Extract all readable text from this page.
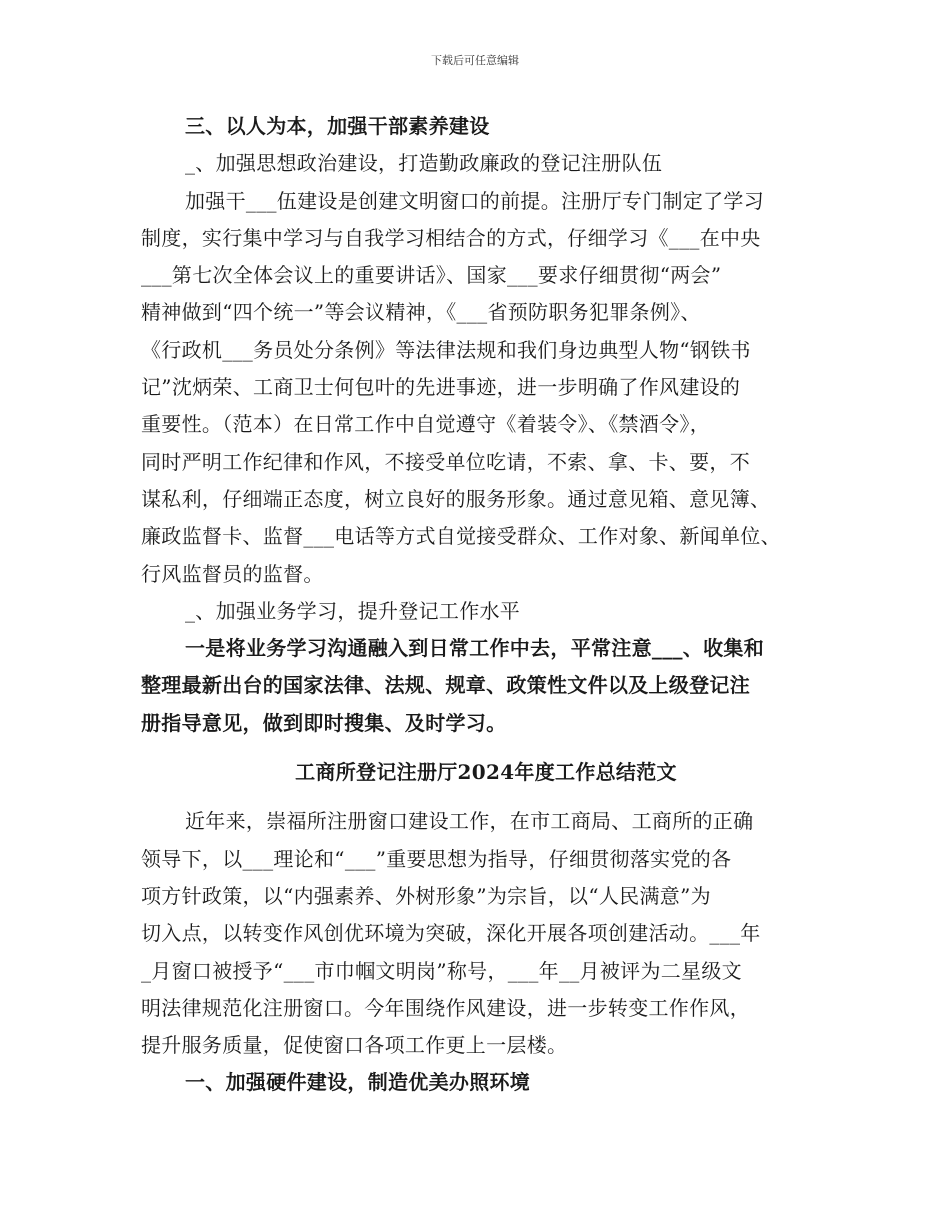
下载后可任意编辑

三、以人为本，加强干部素养建设

_、加强思想政治建设，打造勤政廉政的登记注册队伍

加强干___伍建设是创建文明窗口的前提。注册厅专门制定了学习

制度，实行集中学习与自我学习相结合的方式，仔细学习《___在中央

___第七次全体会议上的重要讲话》、国家___要求仔细贯彻“两会”

精神做到“四个统一”等会议精神，《___省预防职务犯罪条例》、

《行政机___务员处分条例》等法律法规和我们身边典型人物“钢铁书

记”沈炳荣、工商卫士何包叶的先进事迹，进一步明确了作风建设的

重要性。（范本）在日常工作中自觉遵守《着装令》、《禁酒令》，

同时严明工作纪律和作风，不接受单位吃请，不索、拿、卡、要，不

谋私利，仔细端正态度，树立良好的服务形象。通过意见箱、意见簿、

廉政监督卡、监督___电话等方式自觉接受群众、工作对象、新闻单位、

行风监督员的监督。

_、加强业务学习，提升登记工作水平

一是将业务学习沟通融入到日常工作中去，平常注意___、收集和

整理最新出台的国家法律、法规、规章、政策性文件以及上级登记注

册指导意见，做到即时搜集、及时学习。

工商所登记注册厅2024年度工作总结范文

近年来，崇福所注册窗口建设工作，在市工商局、工商所的正确

领导下，以___理论和“___”重要思想为指导，仔细贯彻落实党的各

项方针政策，以“内强素养、外树形象”为宗旨，以“人民满意”为

切入点，以转变作风创优环境为突破，深化开展各项创建活动。___年

_月窗口被授予“___市巾帼文明岗”称号，___年__月被评为二星级文

明法律规范化注册窗口。今年围绕作风建设，进一步转变工作作风，

提升服务质量，促使窗口各项工作更上一层楼。

一、加强硬件建设，制造优美办照环境
